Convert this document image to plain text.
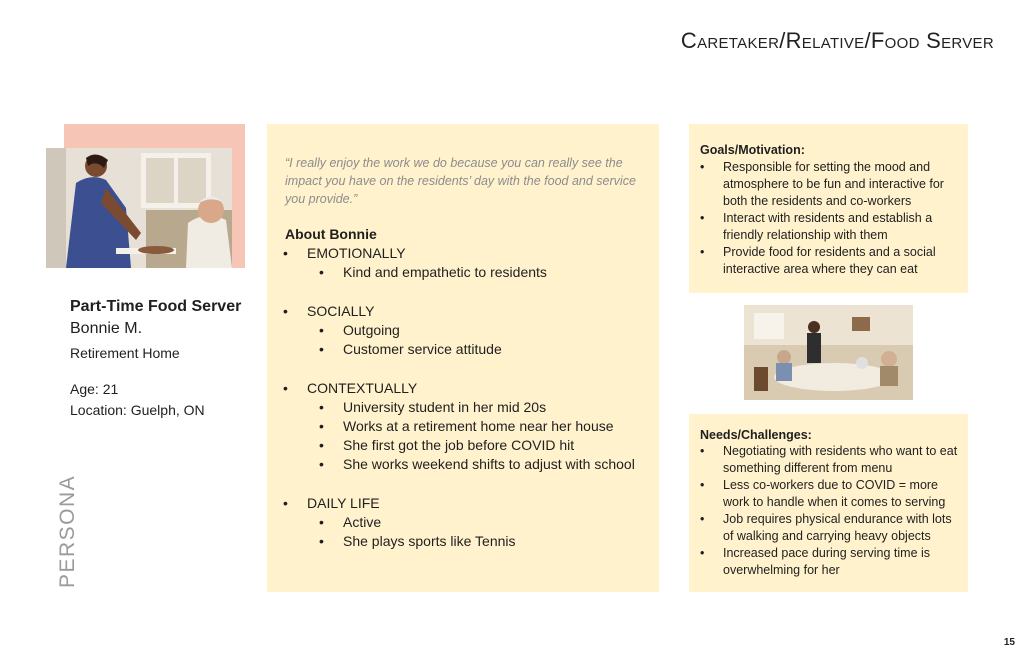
Caretaker/Relative/Food Server
Part-Time Food Server
Bonnie M.
Retirement Home
Age: 21
Location: Guelph, ON
PERSONA
“I really enjoy the work we do because you can really see the impact you have on the residents’ day with the food and service you provide.”
About Bonnie
• EMOTIONALLY
• Kind and empathetic to residents
• SOCIALLY
• Outgoing
• Customer service attitude
• CONTEXTUALLY
• University student in her mid 20s
• Works at a retirement home near her house
• She first got the job before COVID hit
• She works weekend shifts to adjust with school
• DAILY LIFE
• Active
• She plays sports like Tennis
Goals/Motivation:
• Responsible for setting the mood and atmosphere to be fun and interactive for both the residents and co-workers
• Interact with residents and establish a friendly relationship with them
• Provide food for residents and a social interactive area where they can eat
Needs/Challenges:
• Negotiating with residents who want to eat something different from menu
• Less co-workers due to COVID = more work to handle when it comes to serving
• Job requires physical endurance with lots of walking and carrying heavy objects
• Increased pace during serving time is overwhelming for her
15
